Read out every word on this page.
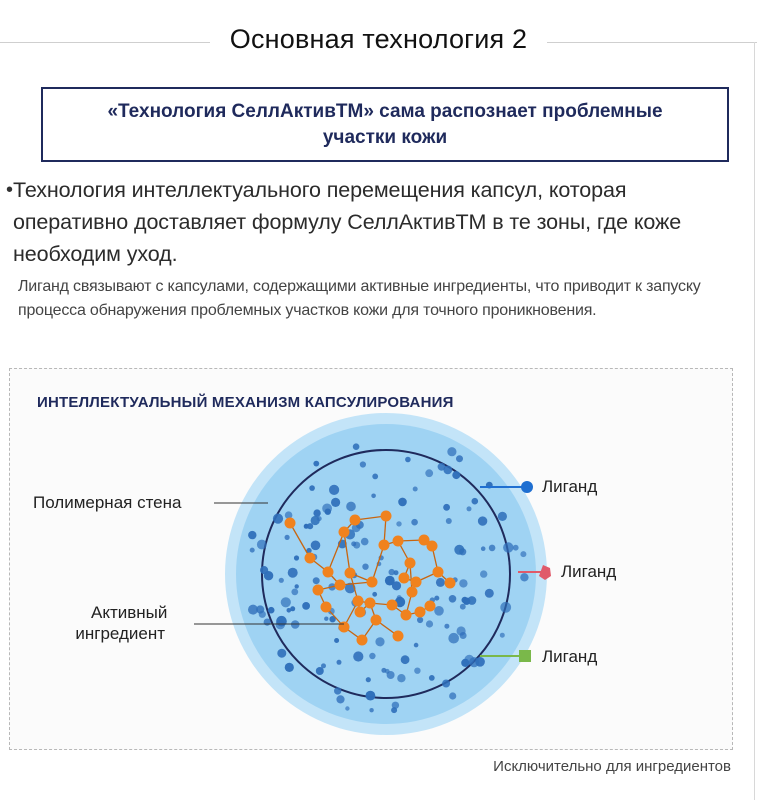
Основная технология 2
«Технология СеллАктивTM» сама распознает проблемные участки кожи
• Технология интеллектуального перемещения капсул, которая оперативно доставляет формулу СеллАктивTM в те зоны, где коже необходим уход.
Лиганд связывают с капсулами, содержащими активные ингредиенты, что приводит к запуску процесса обнаружения проблемных участков кожи для точного проникновения.
ИНТЕЛЛЕКТУАЛЬНЫЙ МЕХАНИЗМ КАПСУЛИРОВАНИЯ
Полимерная стена
Активный
ингредиент
Лиганд
Лиганд
Лиганд
Исключительно для ингредиентов
